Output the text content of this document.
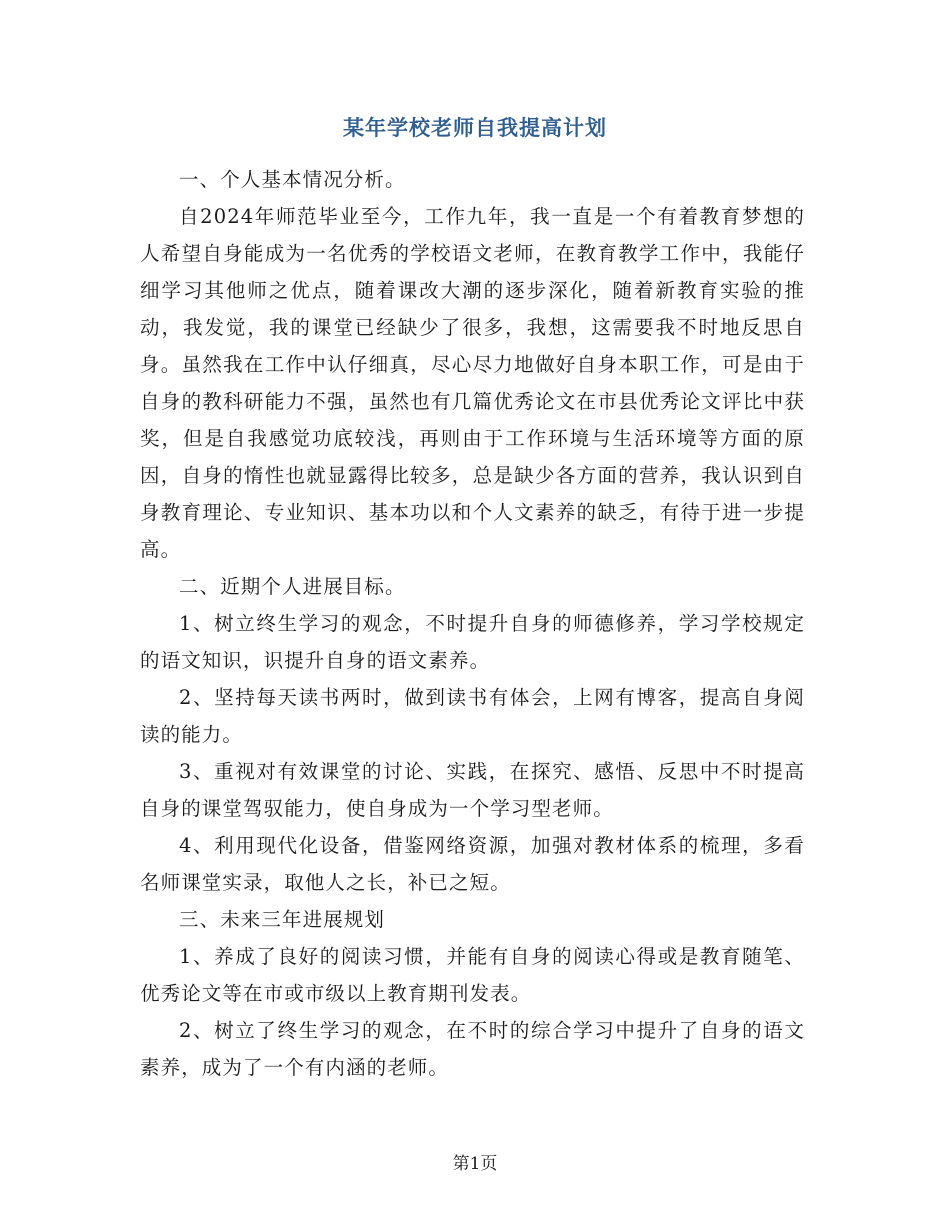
某年学校老师自我提高计划

一、个人基本情况分析。

自2024年师范毕业至今，工作九年，我一直是一个有着教育梦想的人希望自身能成为一名优秀的学校语文老师，在教育教学工作中，我能仔细学习其他师之优点，随着课改大潮的逐步深化，随着新教育实验的推动，我发觉，我的课堂已经缺少了很多，我想，这需要我不时地反思自身。虽然我在工作中认仔细真，尽心尽力地做好自身本职工作，可是由于自身的教科研能力不强，虽然也有几篇优秀论文在市县优秀论文评比中获奖，但是自我感觉功底较浅，再则由于工作环境与生活环境等方面的原因，自身的惰性也就显露得比较多，总是缺少各方面的营养，我认识到自身教育理论、专业知识、基本功以和个人文素养的缺乏，有待于进一步提高。

二、近期个人进展目标。

1、树立终生学习的观念，不时提升自身的师德修养，学习学校规定的语文知识，识提升自身的语文素养。

2、坚持每天读书两时，做到读书有体会，上网有博客，提高自身阅读的能力。

3、重视对有效课堂的讨论、实践，在探究、感悟、反思中不时提高自身的课堂驾驭能力，使自身成为一个学习型老师。

4、利用现代化设备，借鉴网络资源，加强对教材体系的梳理，多看名师课堂实录，取他人之长，补已之短。

三、未来三年进展规划

1、养成了良好的阅读习惯，并能有自身的阅读心得或是教育随笔、优秀论文等在市或市级以上教育期刊发表。

2、树立了终生学习的观念，在不时的综合学习中提升了自身的语文素养，成为了一个有内涵的老师。

第1页
